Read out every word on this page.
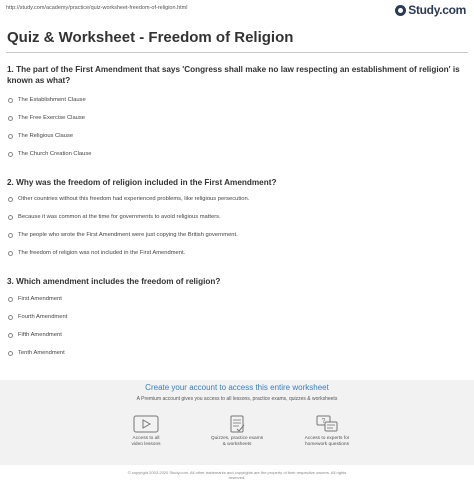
http://study.com/academy/practice/quiz-worksheet-freedom-of-religion.html	Study.com
Quiz & Worksheet - Freedom of Religion
1. The part of the First Amendment that says 'Congress shall make no law respecting an establishment of religion' is known as what?
The Establishment Clause
The Free Exercise Clause
The Religious Clause
The Church Creation Clause
2. Why was the freedom of religion included in the First Amendment?
Other countries without this freedom had experienced problems, like religious persecution.
Because it was common at the time for governments to avoid religious matters.
The people who wrote the First Amendment were just copying the British government.
The freedom of religion was not included in the First Amendment.
3. Which amendment includes the freedom of religion?
First Amendment
Fourth Amendment
Fifth Amendment
Tenth Amendment
Create your account to access this entire worksheet
A Premium account gives you access to all lessons, practice exams, quizzes & worksheets
Access to all
video lessons
Quizzes, practice exams
& worksheets
?
Access to experts for
homework questions
© copyright 2003-2020 Study.com. All other trademarks and copyrights are the property of their respective owners. All rights
reserved.
